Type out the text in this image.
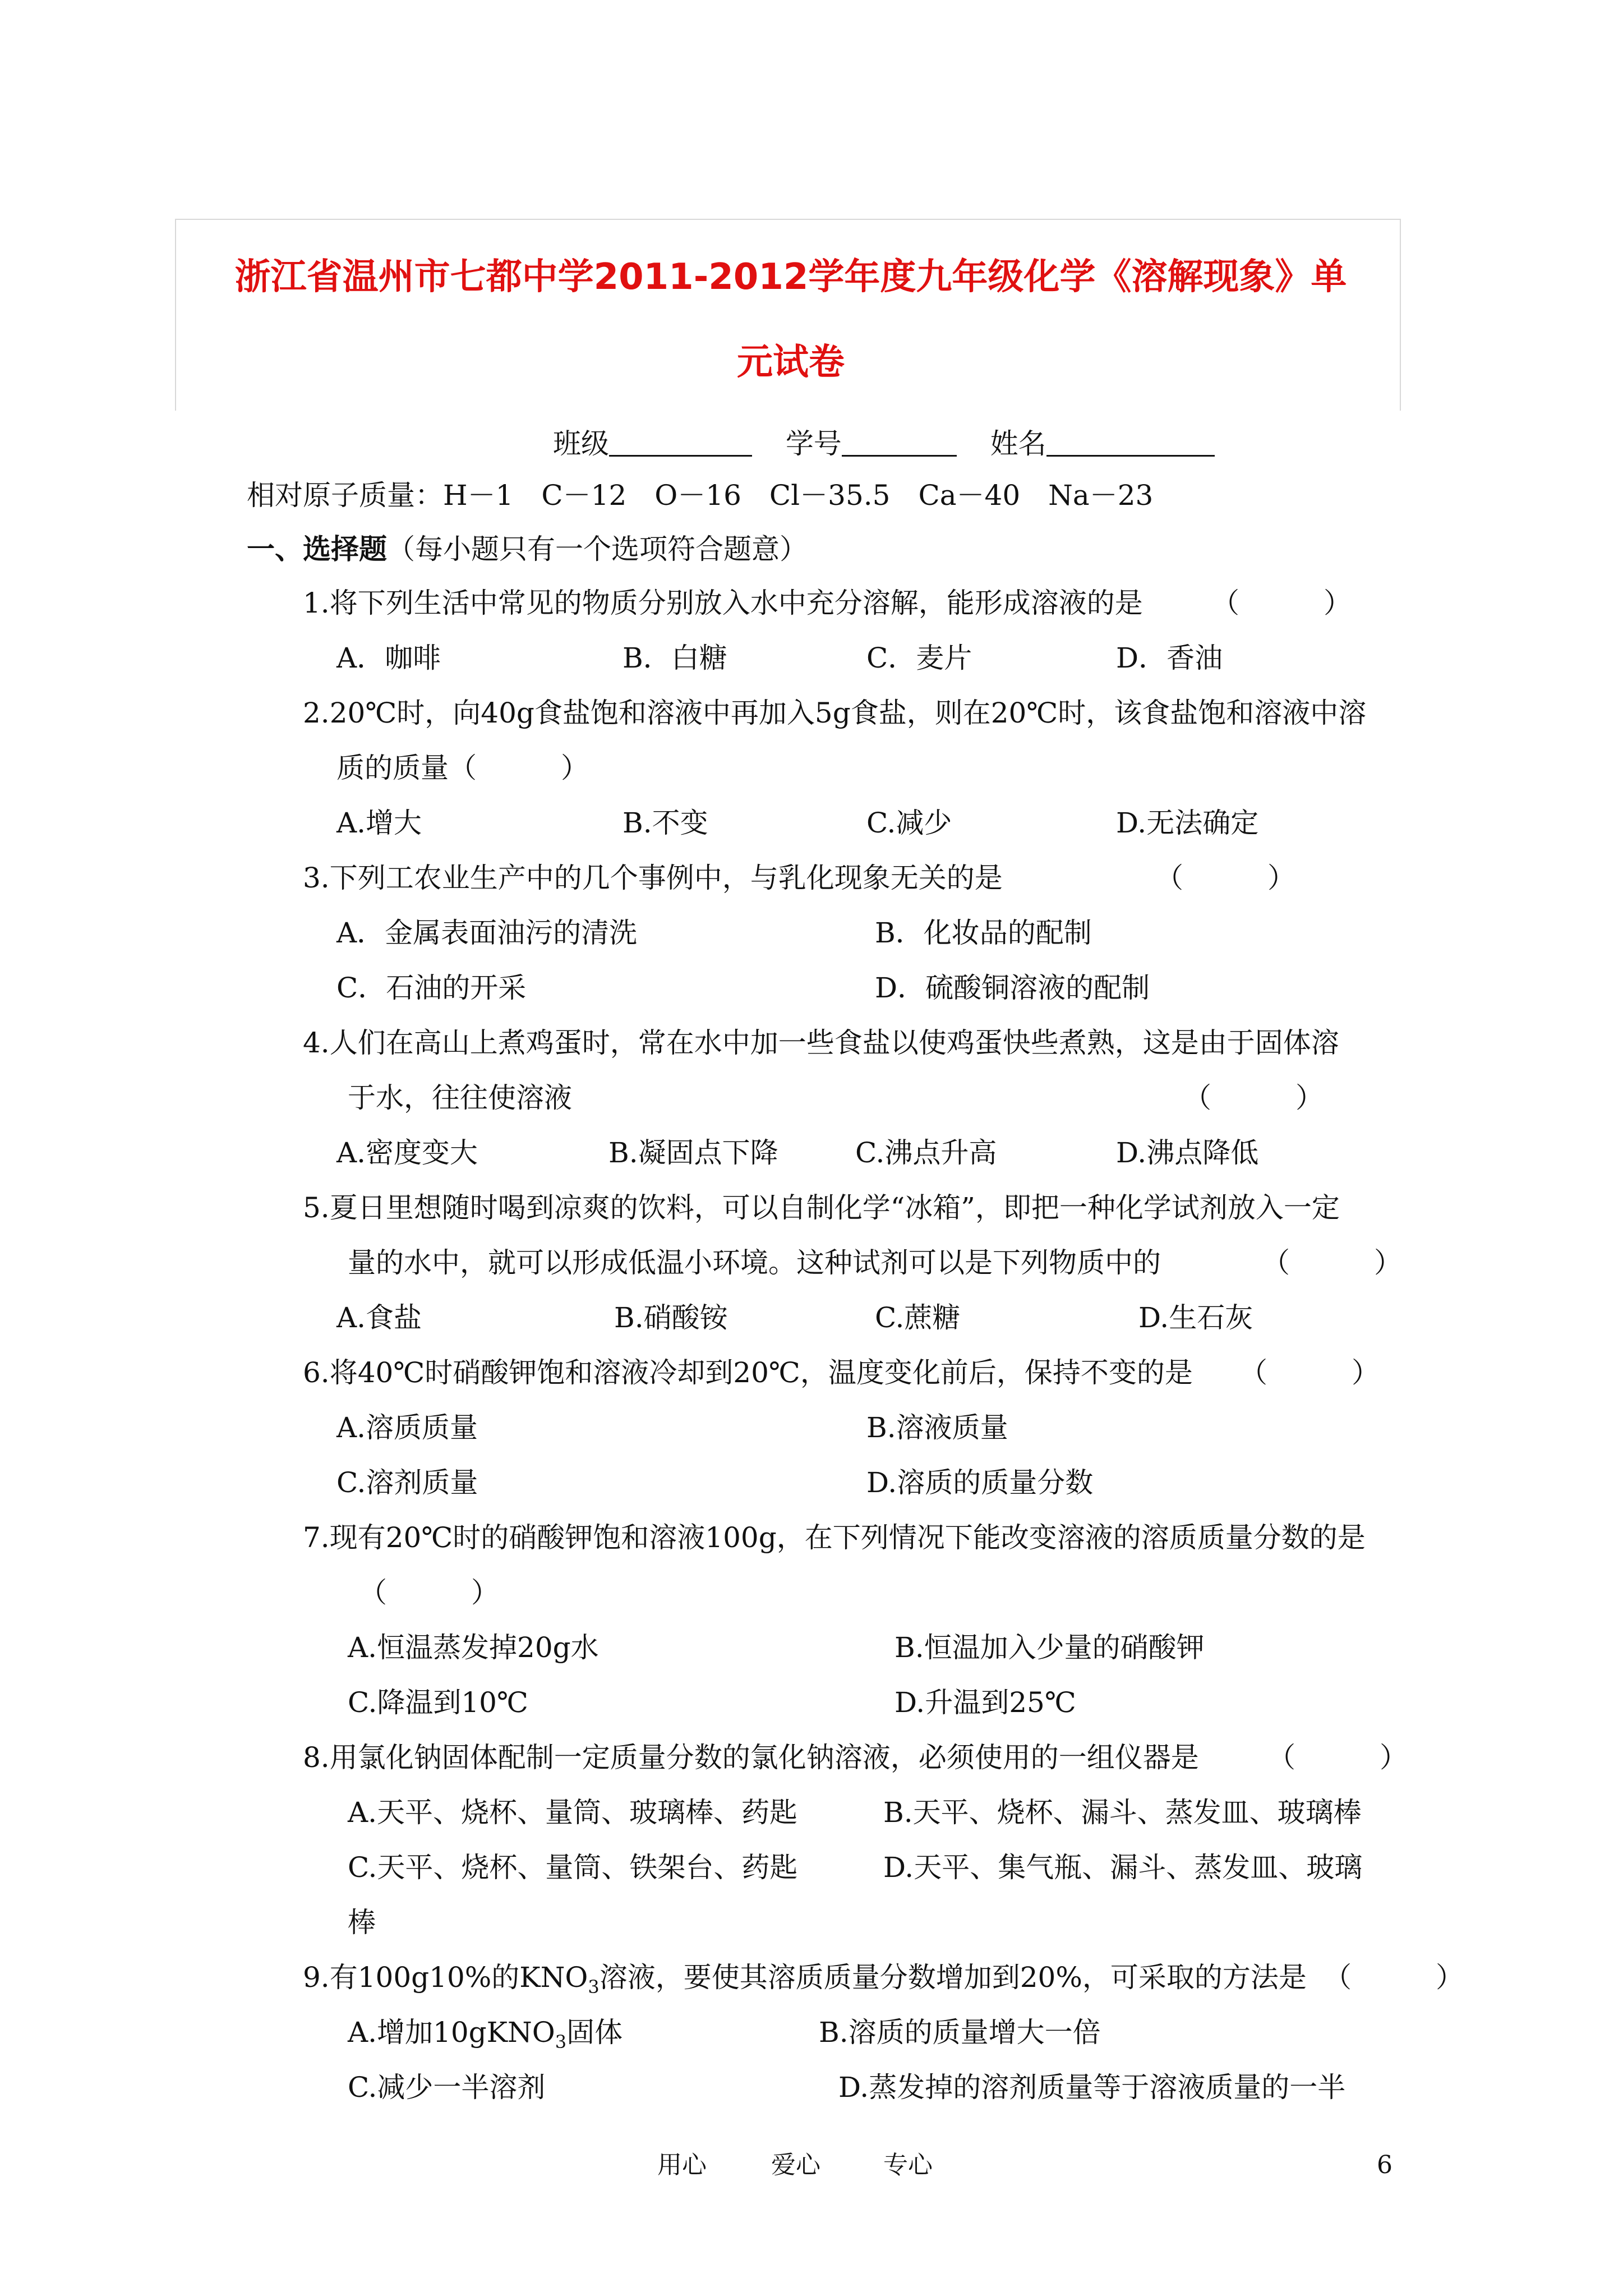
浙江省温州市七都中学2011-2012学年度九年级化学《溶解现象》单
元试卷
班级	学号	姓名
相对原子质量：H－1　C－12　O－16　Cl－35.5　Ca－40　Na－23
一、选择题（每小题只有一个选项符合题意）
1.将下列生活中常见的物质分别放入水中充分溶解，能形成溶液的是 （　　　）
A．咖啡	B．白糖	C．麦片	D．香油
2.20℃时，向40g食盐饱和溶液中再加入5g食盐，则在20℃时，该食盐饱和溶液中溶
质的质量（　　　）
A.增大	B.不变	C.减少	D.无法确定
3.下列工农业生产中的几个事例中，与乳化现象无关的是	（　　　）
A．金属表面油污的清洗	B．化妆品的配制
C．石油的开采	D．硫酸铜溶液的配制
4.人们在高山上煮鸡蛋时，常在水中加一些食盐以使鸡蛋快些煮熟，这是由于固体溶
于水，往往使溶液	（　　　）
A.密度变大	B.凝固点下降	C.沸点升高	D.沸点降低
5.夏日里想随时喝到凉爽的饮料，可以自制化学“冰箱”，即把一种化学试剂放入一定
量的水中，就可以形成低温小环境。这种试剂可以是下列物质中的	（　　　）
A.食盐	B.硝酸铵	C.蔗糖	D.生石灰
6.将40℃时硝酸钾饱和溶液冷却到20℃，温度变化前后，保持不变的是 （　　　）
A.溶质质量	B.溶液质量
C.溶剂质量	D.溶质的质量分数
7.现有20℃时的硝酸钾饱和溶液100g，在下列情况下能改变溶液的溶质质量分数的是
（　　　）
A.恒温蒸发掉20g水	B.恒温加入少量的硝酸钾
C.降温到10℃	D.升温到25℃
8.用氯化钠固体配制一定质量分数的氯化钠溶液，必须使用的一组仪器是 （　　　）
A.天平、烧杯、量筒、玻璃棒、药匙	B.天平、烧杯、漏斗、蒸发皿、玻璃棒
C.天平、烧杯、量筒、铁架台、药匙	D.天平、集气瓶、漏斗、蒸发皿、玻璃
棒
9.有100g10%的$KNO_3$溶液，要使其溶质质量分数增加到20%，可采取的方法是 （　　　）
A.增加10gKNO$_3$固体	B.溶质的质量增大一倍
C.减少一半溶剂	D.蒸发掉的溶剂质量等于溶液质量的一半
用心	爱心	专心	6
